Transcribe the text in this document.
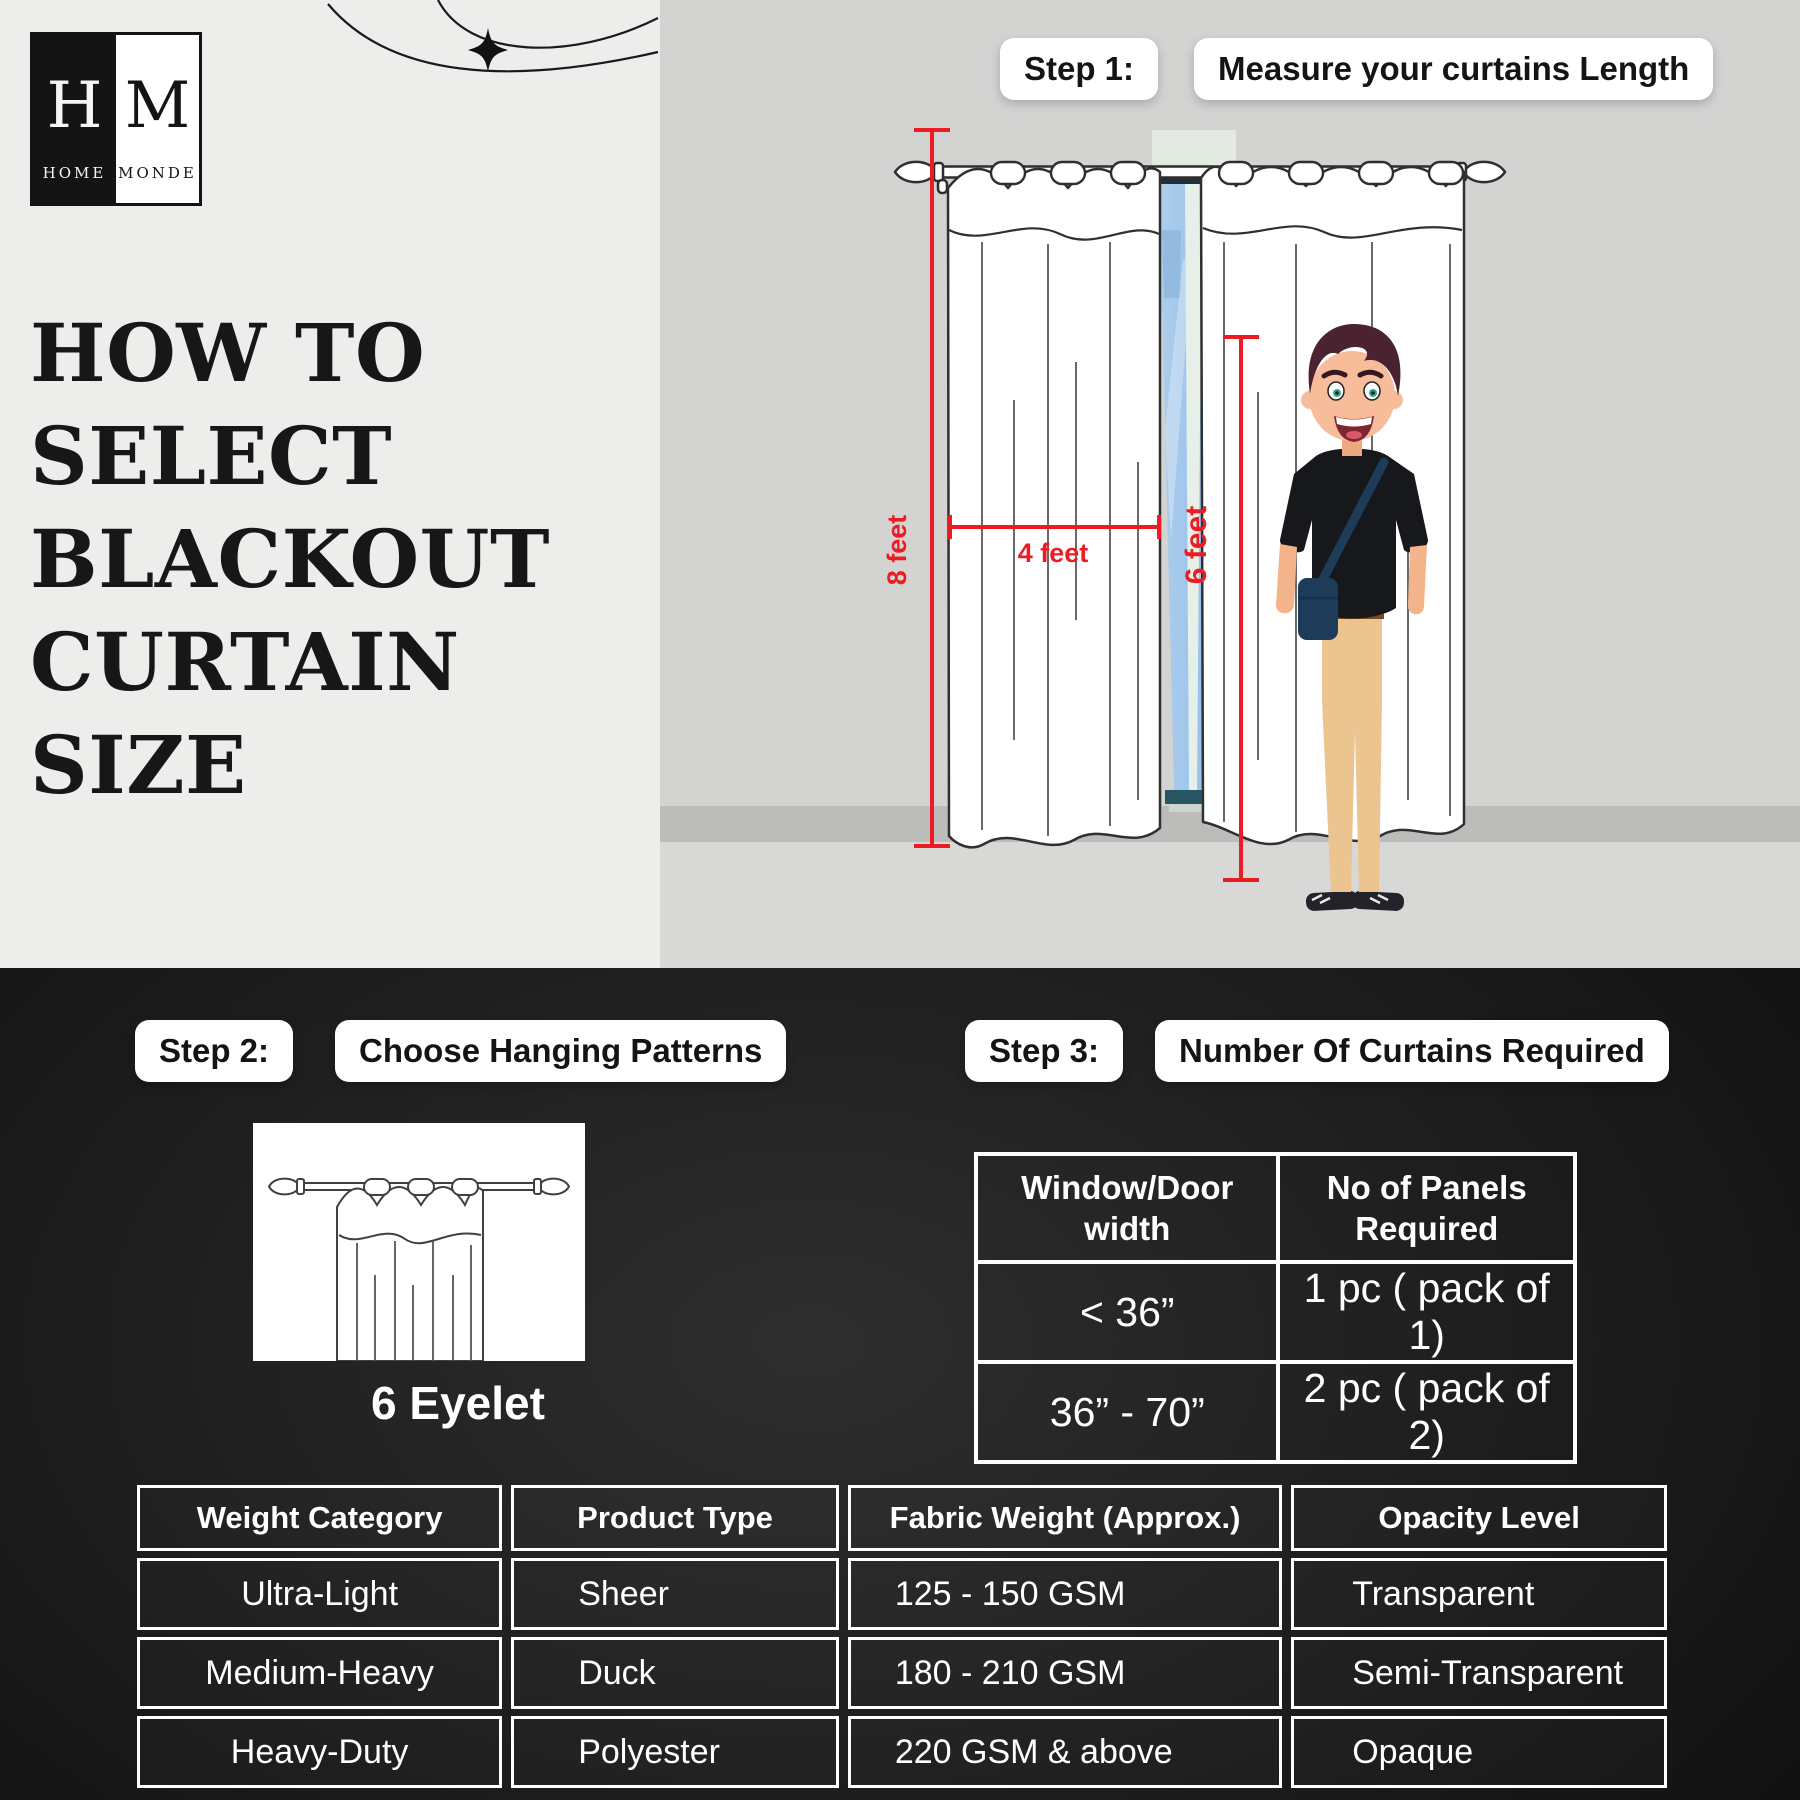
H
HOME
M
MONDE
HOW TO
SELECT
BLACKOUT
CURTAIN
SIZE
Step 1:	Measure your curtains Length
8 feet	4 feet	6 feet
Step 2:	Choose Hanging Patterns	Step 3:	Number Of Curtains Required
6 Eyelet
Window/Door width	No of Panels Required
< 36”	1 pc ( pack of 1)
36” - 70”	2 pc ( pack of 2)
Weight Category	Product Type	Fabric Weight (Approx.)	Opacity Level
Ultra-Light	Sheer	125 - 150 GSM	Transparent
Medium-Heavy	Duck	180 - 210 GSM	Semi-Transparent
Heavy-Duty	Polyester	220 GSM & above	Opaque
